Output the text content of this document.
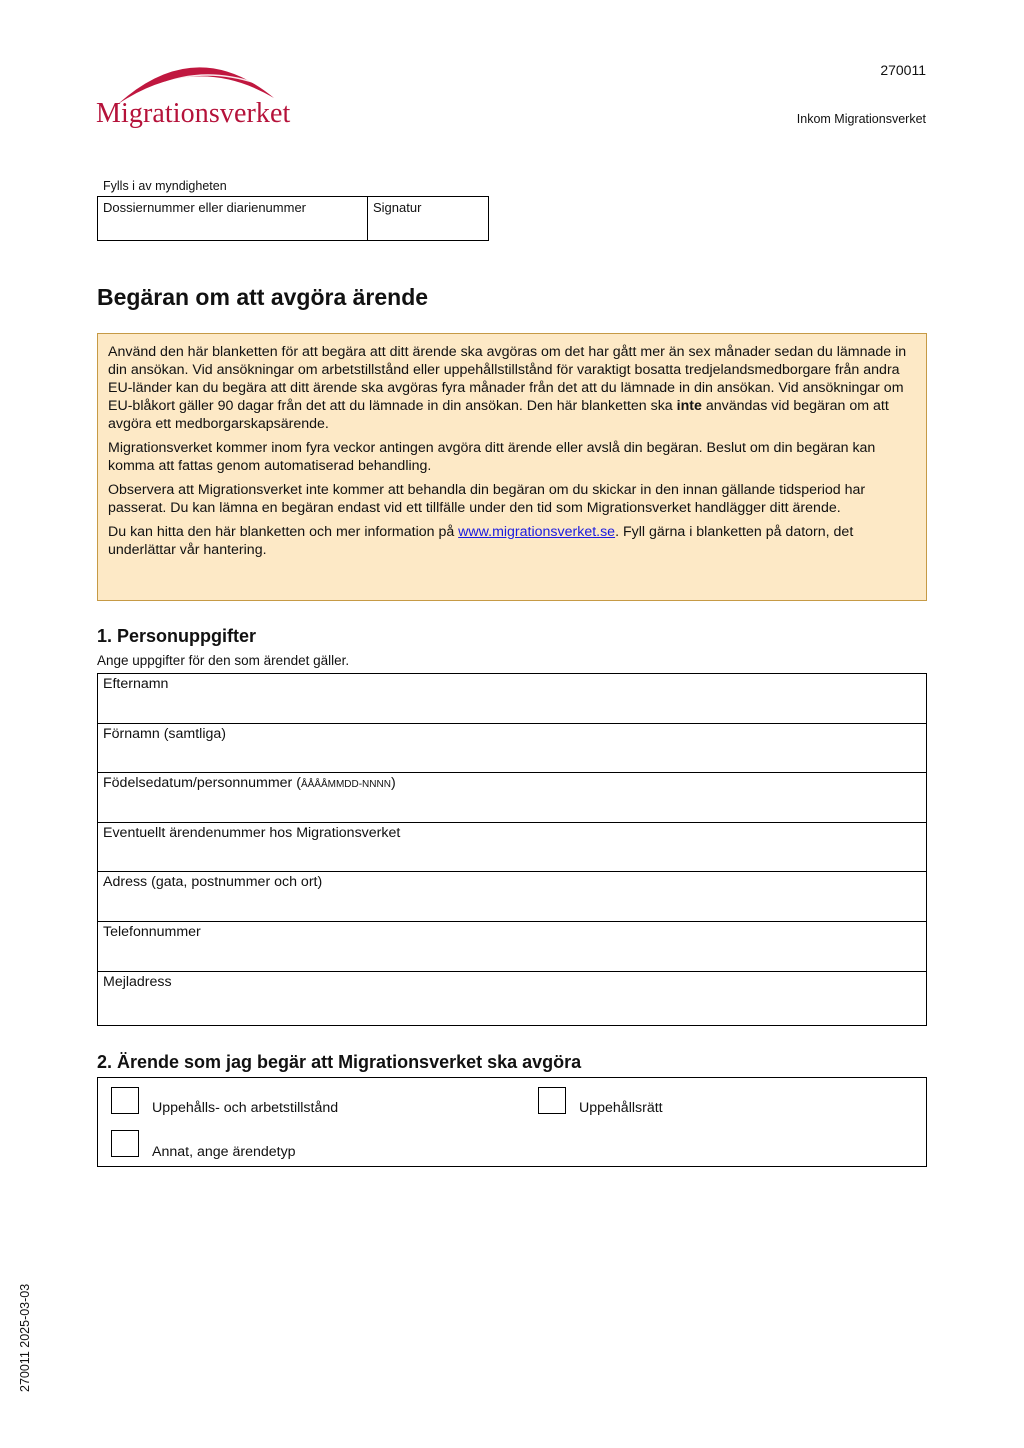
Migrationsverket
270011
Inkom Migrationsverket
Fylls i av myndigheten
Dossiernummer eller diarienummer	Signatur
Begäran om att avgöra ärende

Använd den här blanketten för att begära att ditt ärende ska avgöras om det har gått mer än sex månader sedan du lämnade in din ansökan. Vid ansökningar om arbetstillstånd eller uppehållstillstånd för varaktigt bosatta tredjelandsmedborgare från andra EU-länder kan du begära att ditt ärende ska avgöras fyra månader från det att du lämnade in din ansökan. Vid ansökningar om EU-blåkort gäller 90 dagar från det att du lämnade in din ansökan. Den här blanketten ska inte användas vid begäran om att avgöra ett medborgarskapsärende.

Migrationsverket kommer inom fyra veckor antingen avgöra ditt ärende eller avslå din begäran. Beslut om din begäran kan komma att fattas genom automatiserad behandling.

Observera att Migrationsverket inte kommer att behandla din begäran om du skickar in den innan gällande tidsperiod har passerat. Du kan lämna en begäran endast vid ett tillfälle under den tid som Migrationsverket handlägger ditt ärende.

Du kan hitta den här blanketten och mer information på www.migrationsverket.se. Fyll gärna i blanketten på datorn, det underlättar vår hantering.

1. Personuppgifter
Ange uppgifter för den som ärendet gäller.
Efternamn
Förnamn (samtliga)
Födelsedatum/personnummer (ÅÅÅÅMMDD-NNNN)
Eventuellt ärendenummer hos Migrationsverket
Adress (gata, postnummer och ort)
Telefonnummer
Mejladress
2. Ärende som jag begär att Migrationsverket ska avgöra
Uppehålls- och arbetstillstånd	Uppehållsrätt
Annat, ange ärendetyp
270011 2025-03-03
